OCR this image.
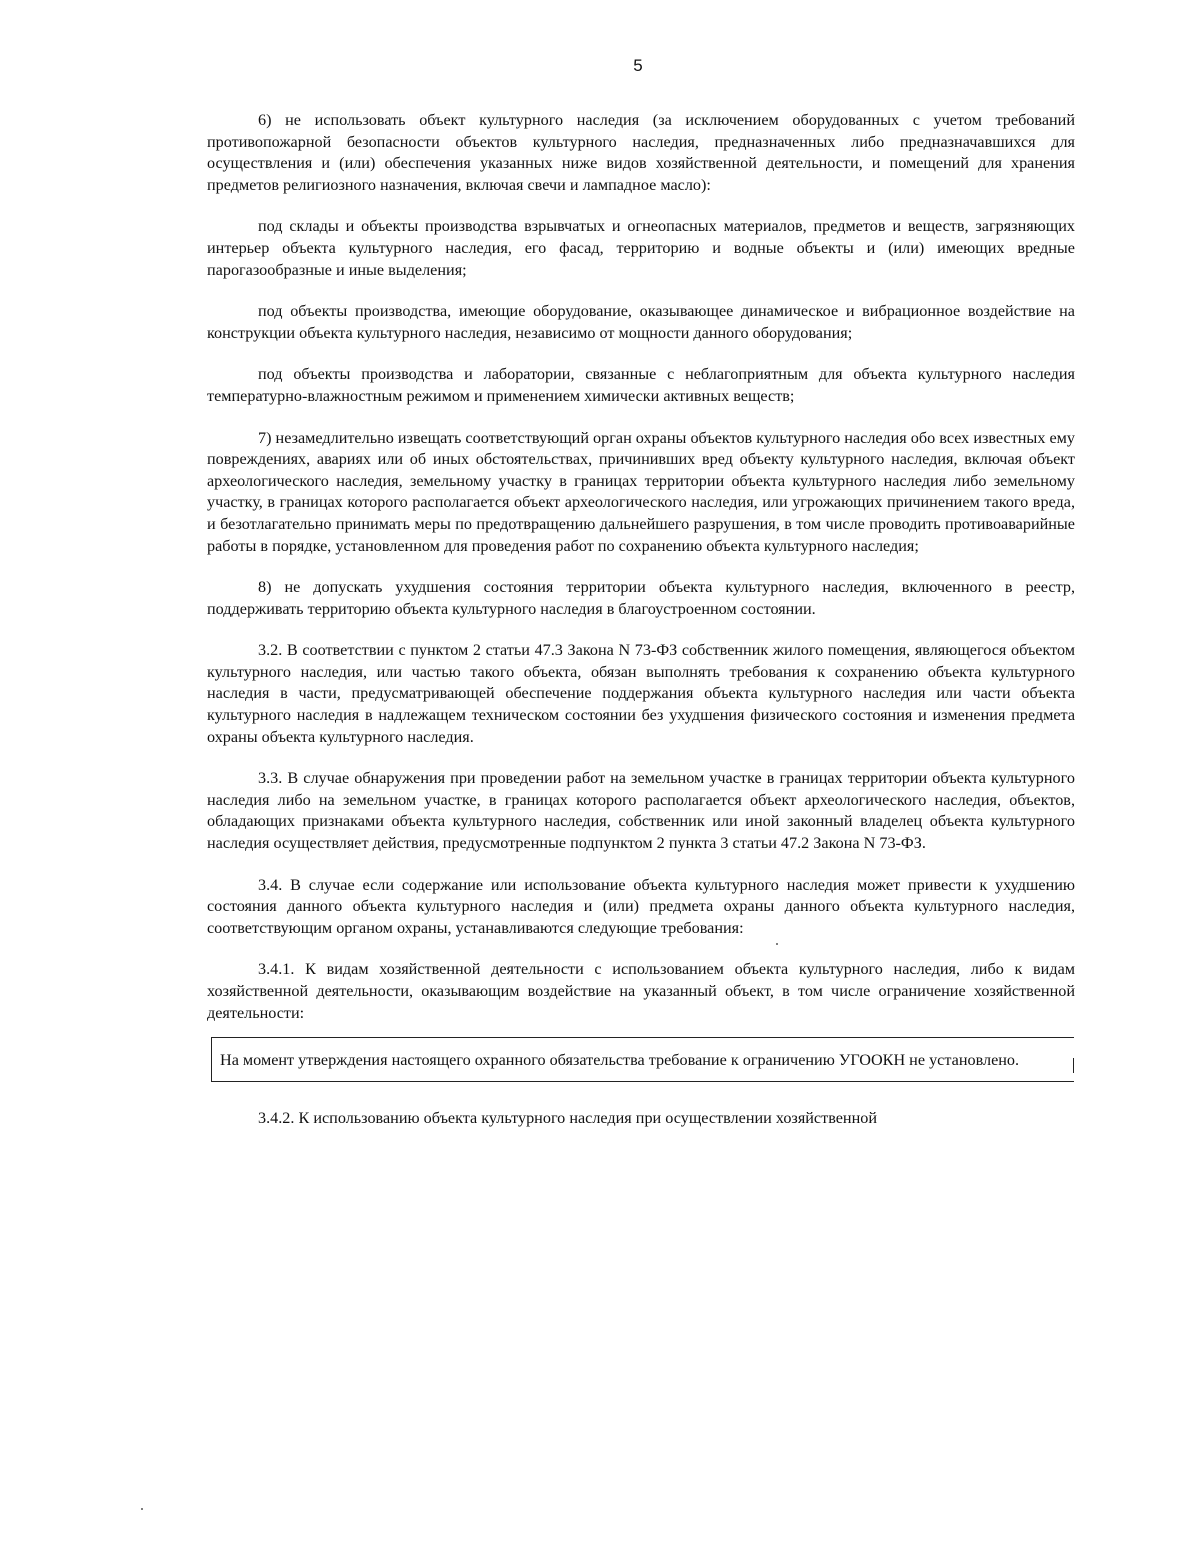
5

6) не использовать объект культурного наследия (за исключением оборудованных с учетом требований противопожарной безопасности объектов культурного наследия, предназначенных либо предназначавшихся для осуществления и (или) обеспечения указанных ниже видов хозяйственной деятельности, и помещений для хранения предметов религиозного назначения, включая свечи и лампадное масло):

под склады и объекты производства взрывчатых и огнеопасных материалов, предметов и веществ, загрязняющих интерьер объекта культурного наследия, его фасад, территорию и водные объекты и (или) имеющих вредные парогазообразные и иные выделения;

под объекты производства, имеющие оборудование, оказывающее динамическое и вибрационное воздействие на конструкции объекта культурного наследия, независимо от мощности данного оборудования;

под объекты производства и лаборатории, связанные с неблагоприятным для объекта культурного наследия температурно-влажностным режимом и применением химически активных веществ;

7) незамедлительно извещать соответствующий орган охраны объектов культурного наследия обо всех известных ему повреждениях, авариях или об иных обстоятельствах, причинивших вред объекту культурного наследия, включая объект археологического наследия, земельному участку в границах территории объекта культурного наследия либо земельному участку, в границах которого располагается объект археологического наследия, или угрожающих причинением такого вреда, и безотлагательно принимать меры по предотвращению дальнейшего разрушения, в том числе проводить противоаварийные работы в порядке, установленном для проведения работ по сохранению объекта культурного наследия;

8) не допускать ухудшения состояния территории объекта культурного наследия, включенного в реестр, поддерживать территорию объекта культурного наследия в благоустроенном состоянии.

3.2. В соответствии с пунктом 2 статьи 47.3 Закона N 73-ФЗ собственник жилого помещения, являющегося объектом культурного наследия, или частью такого объекта, обязан выполнять требования к сохранению объекта культурного наследия в части, предусматривающей обеспечение поддержания объекта культурного наследия или части объекта культурного наследия в надлежащем техническом состоянии без ухудшения физического состояния и изменения предмета охраны объекта культурного наследия.

3.3. В случае обнаружения при проведении работ на земельном участке в границах территории объекта культурного наследия либо на земельном участке, в границах которого располагается объект археологического наследия, объектов, обладающих признаками объекта культурного наследия, собственник или иной законный владелец объекта культурного наследия осуществляет действия, предусмотренные подпунктом 2 пункта 3 статьи 47.2 Закона N 73-ФЗ.

3.4. В случае если содержание или использование объекта культурного наследия может привести к ухудшению состояния данного объекта культурного наследия и (или) предмета охраны данного объекта культурного наследия, соответствующим органом охраны, устанавливаются следующие требования:

3.4.1. К видам хозяйственной деятельности с использованием объекта культурного наследия, либо к видам хозяйственной деятельности, оказывающим воздействие на указанный объект, в том числе ограничение хозяйственной деятельности:

На момент утверждения настоящего охранного обязательства требование к ограничению УГООКН не установлено.

3.4.2. К использованию объекта культурного наследия при осуществлении хозяйственной
